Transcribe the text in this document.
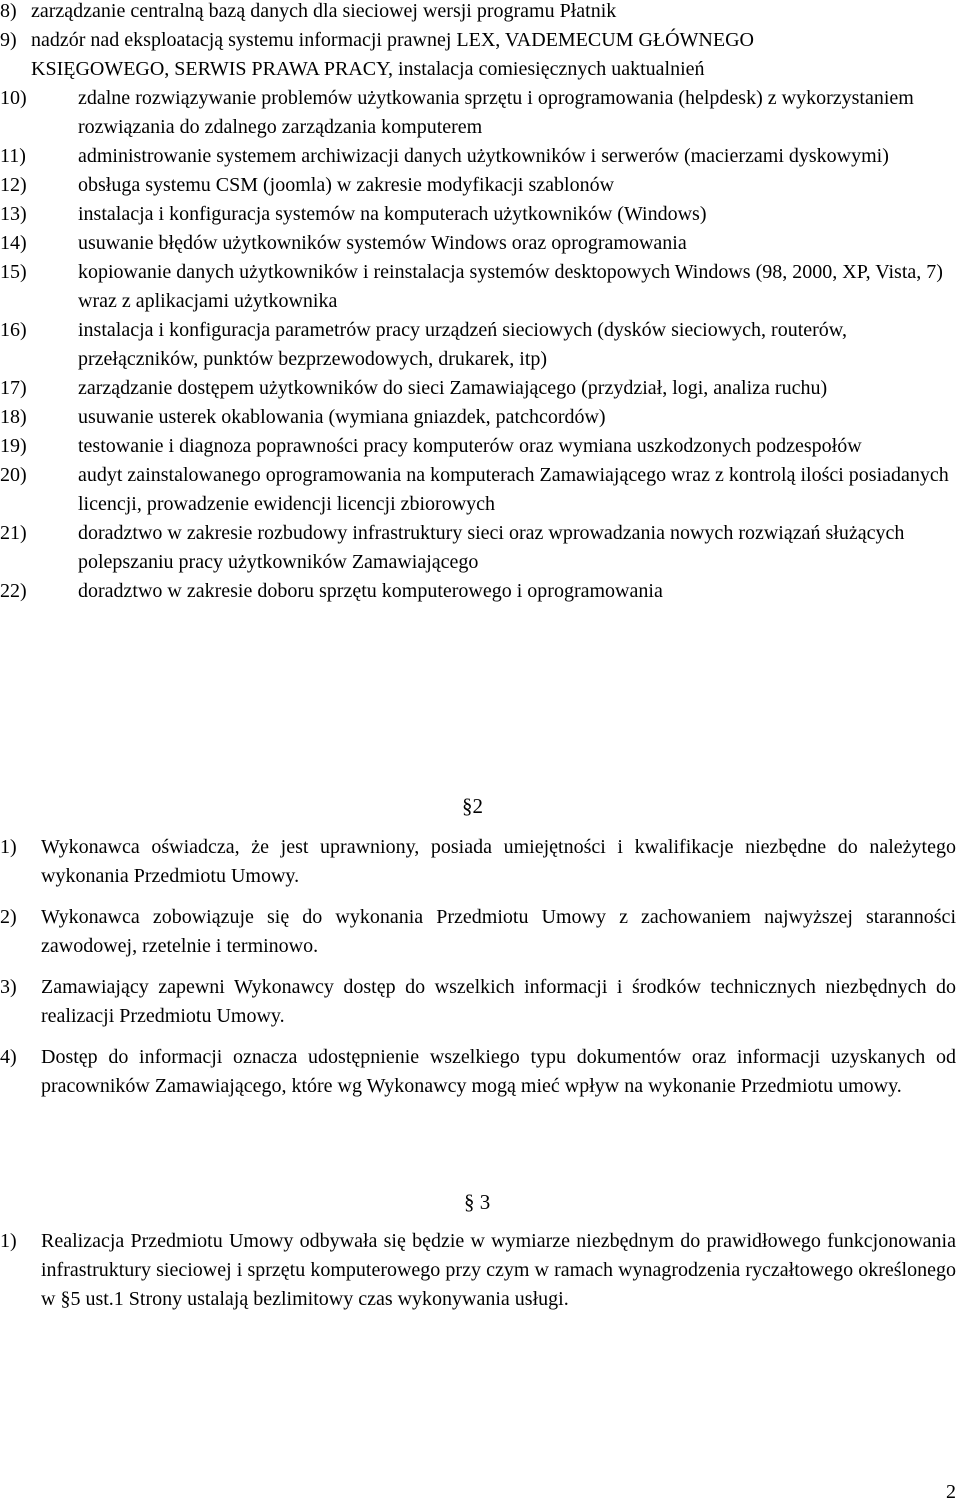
8) zarządzanie centralną bazą danych dla sieciowej wersji programu Płatnik
9) nadzór nad eksploatacją systemu informacji prawnej LEX, VADEMECUM GŁÓWNEGO KSIĘGOWEGO, SERWIS PRAWA PRACY, instalacja comiesięcznych uaktualnień
10)	zdalne rozwiązywanie problemów użytkowania sprzętu i oprogramowania (helpdesk) z wykorzystaniem rozwiązania do zdalnego zarządzania komputerem
11)	administrowanie systemem archiwizacji danych użytkowników i serwerów (macierzami dyskowymi)
12)	obsługa systemu CSM (joomla) w zakresie modyfikacji szablonów
13)	instalacja i konfiguracja systemów na komputerach użytkowników (Windows)
14)	usuwanie błędów użytkowników systemów Windows oraz oprogramowania
15)	kopiowanie danych użytkowników i reinstalacja systemów desktopowych Windows (98, 2000, XP, Vista, 7) wraz z aplikacjami użytkownika
16)	instalacja i konfiguracja parametrów pracy urządzeń sieciowych (dysków sieciowych, routerów, przełączników, punktów bezprzewodowych, drukarek, itp)
17)	zarządzanie dostępem użytkowników do sieci Zamawiającego (przydział, logi, analiza ruchu)
18)	usuwanie usterek okablowania (wymiana gniazdek, patchcordów)
19)	testowanie i diagnoza poprawności pracy komputerów oraz wymiana uszkodzonych podzespołów
20)	audyt zainstalowanego oprogramowania na komputerach Zamawiającego wraz z kontrolą ilości posiadanych licencji, prowadzenie ewidencji licencji zbiorowych
21)	doradztwo w zakresie rozbudowy infrastruktury sieci oraz wprowadzania nowych rozwiązań służących polepszaniu pracy użytkowników Zamawiającego
22)	doradztwo w zakresie doboru sprzętu komputerowego i oprogramowania
§2
1)	Wykonawca oświadcza, że jest uprawniony, posiada umiejętności i kwalifikacje niezbędne do należytego wykonania Przedmiotu Umowy.
2)	Wykonawca zobowiązuje się do wykonania Przedmiotu Umowy z zachowaniem najwyższej staranności zawodowej, rzetelnie i terminowo.
3)	Zamawiający zapewni Wykonawcy dostęp do wszelkich informacji i środków technicznych niezbędnych do realizacji Przedmiotu Umowy.
4)	Dostęp do informacji oznacza udostępnienie wszelkiego typu dokumentów oraz informacji uzyskanych od pracowników Zamawiającego, które wg Wykonawcy mogą mieć wpływ na wykonanie Przedmiotu umowy.
§ 3
1)	Realizacja Przedmiotu Umowy odbywała się będzie w wymiarze niezbędnym do prawidłowego funkcjonowania infrastruktury sieciowej i sprzętu komputerowego przy czym w ramach wynagrodzenia ryczałtowego określonego w §5 ust.1 Strony ustalają bezlimitowy czas wykonywania usługi.
2
